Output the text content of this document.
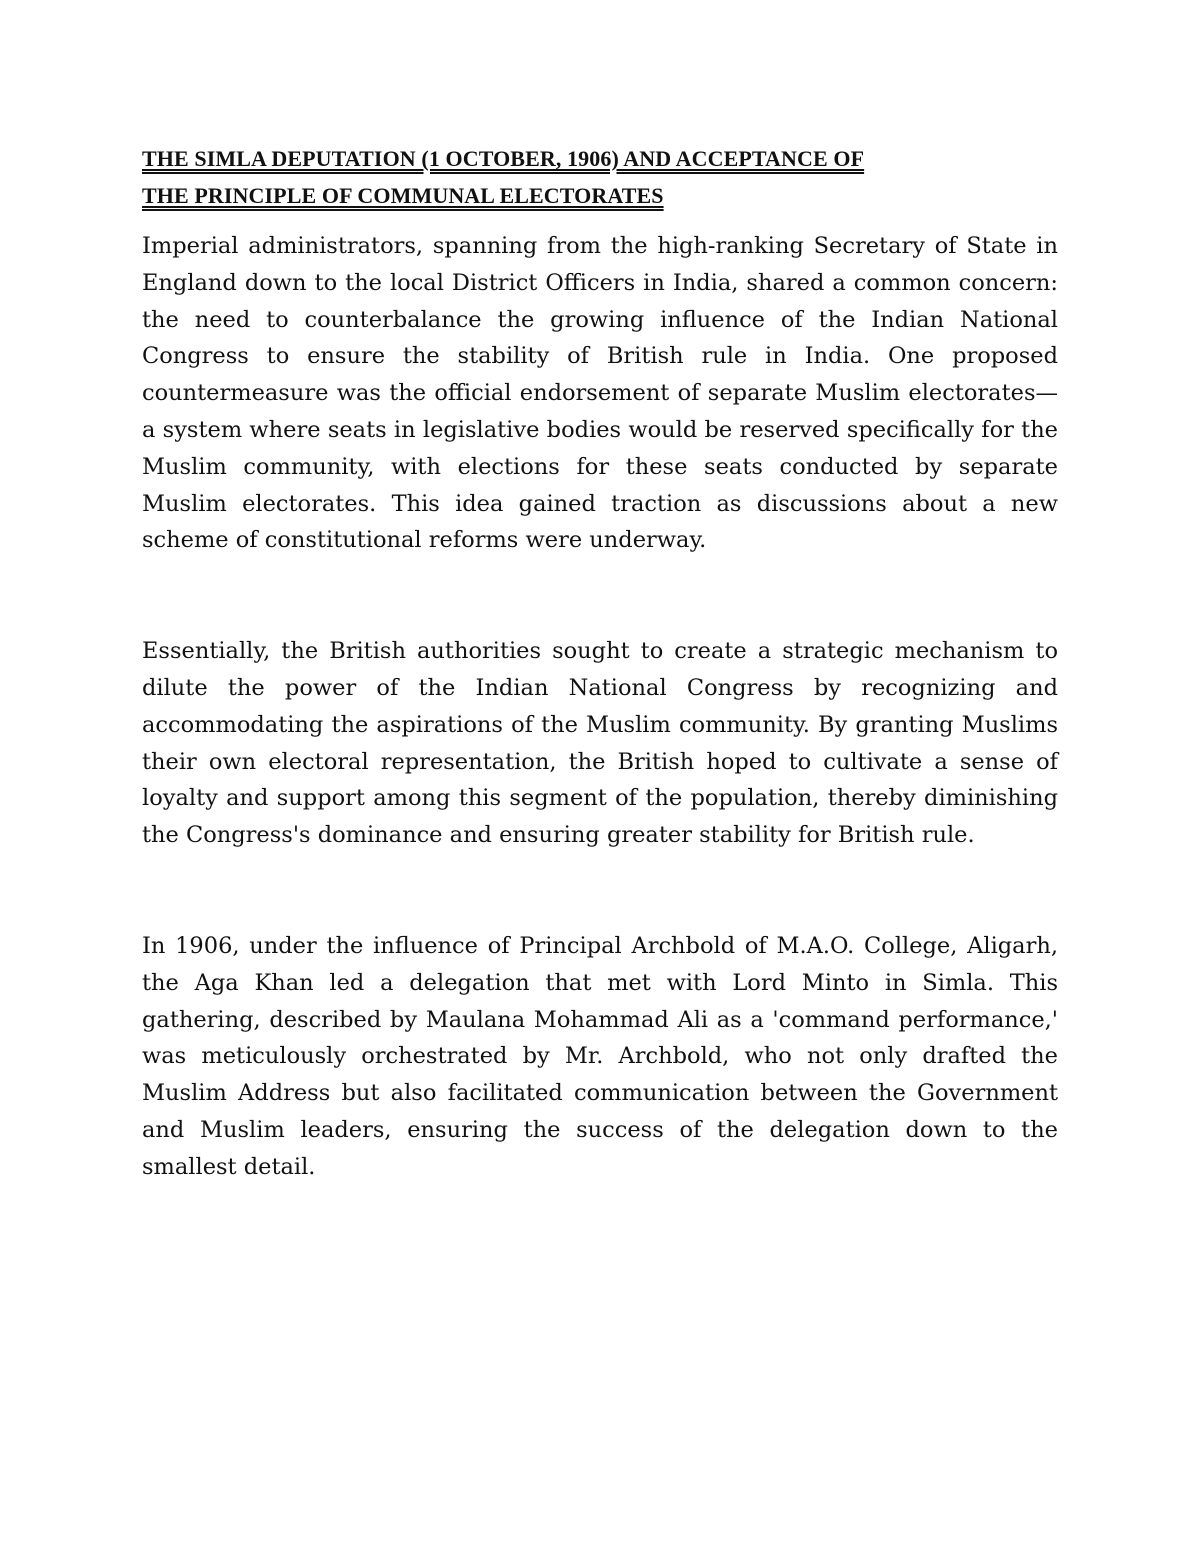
THE SIMLA DEPUTATION (1 OCTOBER, 1906) AND ACCEPTANCE OF
THE PRINCIPLE OF COMMUNAL ELECTORATES

Imperial administrators, spanning from the high-ranking Secretary of State in England down to the local District Officers in India, shared a common concern: the need to counterbalance the growing influence of the Indian National Congress to ensure the stability of British rule in India. One proposed countermeasure was the official endorsement of separate Muslim electorates—a system where seats in legislative bodies would be reserved specifically for the Muslim community, with elections for these seats conducted by separate Muslim electorates. This idea gained traction as discussions about a new scheme of constitutional reforms were underway.

Essentially, the British authorities sought to create a strategic mechanism to dilute the power of the Indian National Congress by recognizing and accommodating the aspirations of the Muslim community. By granting Muslims their own electoral representation, the British hoped to cultivate a sense of loyalty and support among this segment of the population, thereby diminishing the Congress's dominance and ensuring greater stability for British rule.

In 1906, under the influence of Principal Archbold of M.A.O. College, Aligarh, the Aga Khan led a delegation that met with Lord Minto in Simla. This gathering, described by Maulana Mohammad Ali as a 'command performance,' was meticulously orchestrated by Mr. Archbold, who not only drafted the Muslim Address but also facilitated communication between the Government and Muslim leaders, ensuring the success of the delegation down to the smallest detail.
